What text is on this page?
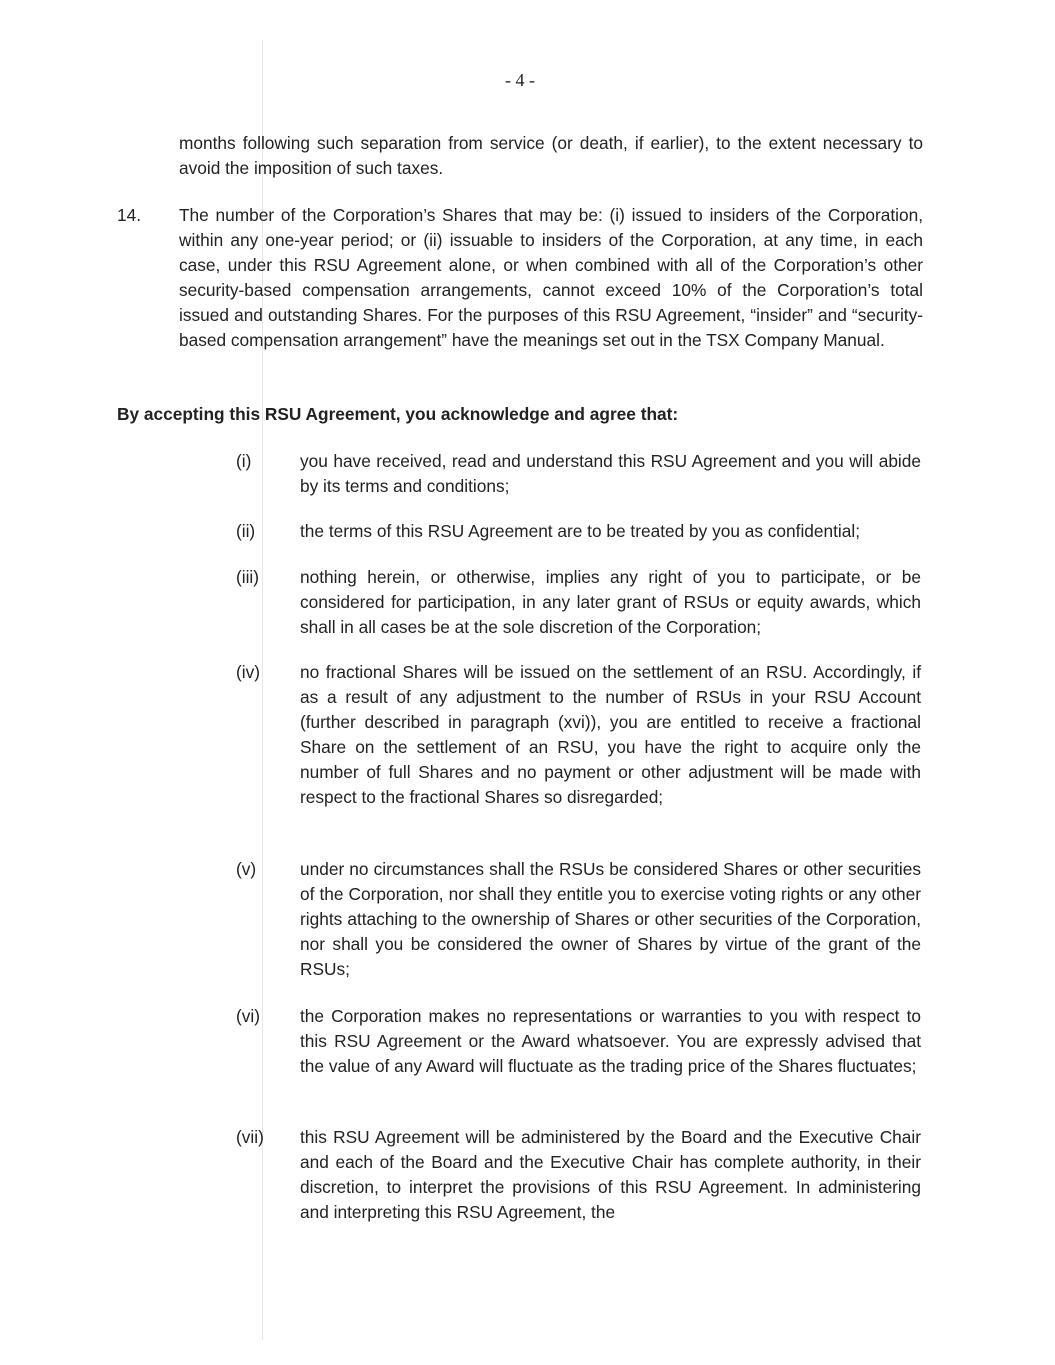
- 4 -
months following such separation from service (or death, if earlier), to the extent necessary to avoid the imposition of such taxes.
14.	The number of the Corporation’s Shares that may be: (i) issued to insiders of the Corporation, within any one-year period; or (ii) issuable to insiders of the Corporation, at any time, in each case, under this RSU Agreement alone, or when combined with all of the Corporation’s other security-based compensation arrangements, cannot exceed 10% of the Corporation’s total issued and outstanding Shares. For the purposes of this RSU Agreement, “insider” and “security-based compensation arrangement” have the meanings set out in the TSX Company Manual.
By accepting this RSU Agreement, you acknowledge and agree that:
(i)	you have received, read and understand this RSU Agreement and you will abide by its terms and conditions;
(ii)	the terms of this RSU Agreement are to be treated by you as confidential;
(iii)	nothing herein, or otherwise, implies any right of you to participate, or be considered for participation, in any later grant of RSUs or equity awards, which shall in all cases be at the sole discretion of the Corporation;
(iv)	no fractional Shares will be issued on the settlement of an RSU. Accordingly, if as a result of any adjustment to the number of RSUs in your RSU Account (further described in paragraph (xvi)), you are entitled to receive a fractional Share on the settlement of an RSU, you have the right to acquire only the number of full Shares and no payment or other adjustment will be made with respect to the fractional Shares so disregarded;
(v)	under no circumstances shall the RSUs be considered Shares or other securities of the Corporation, nor shall they entitle you to exercise voting rights or any other rights attaching to the ownership of Shares or other securities of the Corporation, nor shall you be considered the owner of Shares by virtue of the grant of the RSUs;
(vi)	the Corporation makes no representations or warranties to you with respect to this RSU Agreement or the Award whatsoever. You are expressly advised that the value of any Award will fluctuate as the trading price of the Shares fluctuates;
(vii)	this RSU Agreement will be administered by the Board and the Executive Chair and each of the Board and the Executive Chair has complete authority, in their discretion, to interpret the provisions of this RSU Agreement. In administering and interpreting this RSU Agreement, the
